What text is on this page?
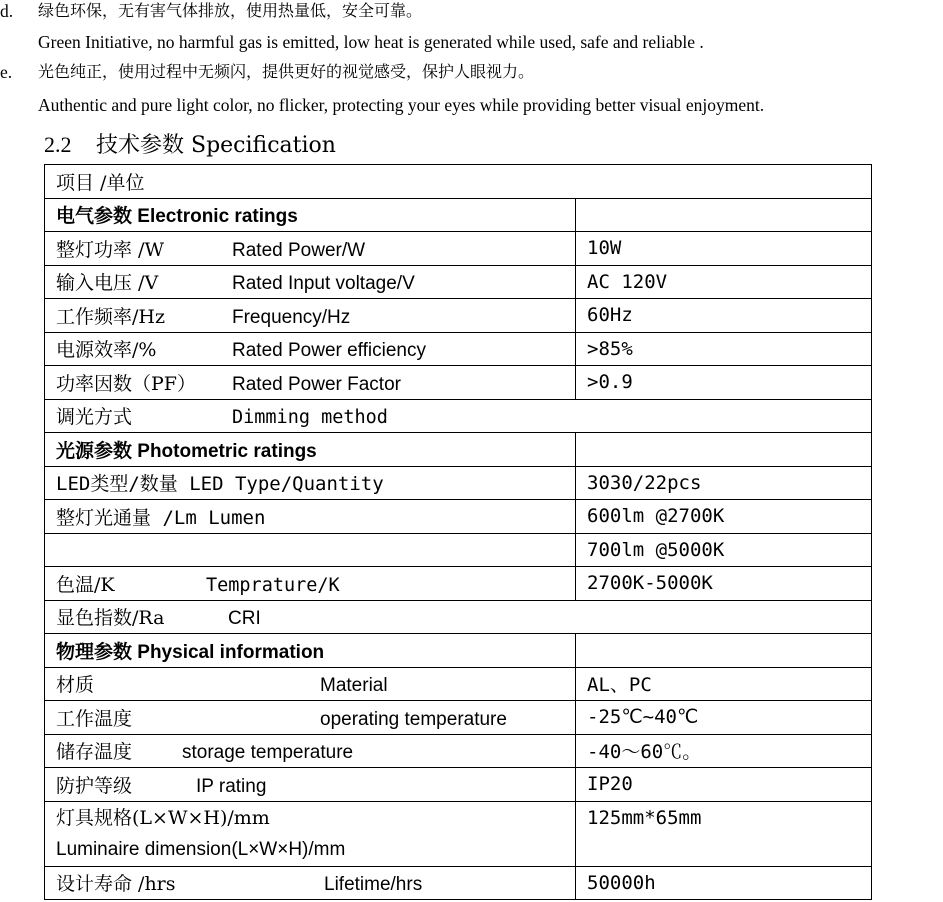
d.	绿色环保，无有害气体排放，使用热量低，安全可靠。
Green Initiative, no harmful gas is emitted, low heat is generated while used, safe and reliable .
e.	光色纯正，使用过程中无频闪，提供更好的视觉感受，保护人眼视力。
Authentic and pure light color, no flicker, protecting your eyes while providing better visual enjoyment.
2.2 技术参数 Specification
项目 /单位	
电气参数 Electronic ratings	
整灯功率 /W Rated Power/W	10W
输入电压 /V Rated Input voltage/V	AC 120V
工作频率/Hz Frequency/Hz	60Hz
电源效率/% Rated Power efficiency	>85%
功率因数（PF） Rated Power Factor	>0.9
调光方式 Dimming method	
光源参数 Photometric ratings	
LED类型/数量 LED Type/Quantity	3030/22pcs
整灯光通量 /Lm Lumen	600lm @2700K
	700lm @5000K
色温/K Temprature/K	2700K-5000K
显色指数/Ra CRI	
物理参数 Physical information	
材质 Material	AL、PC
工作温度 operating temperature	-25℃~40℃
储存温度 storage temperature	-40～60℃。
防护等级 IP rating	IP20

灯具规格(L×W×H)/mm
Luminaire dimension(L×W×H)/mm	125mm*65mm
设计寿命 /hrs Lifetime/hrs	50000h
